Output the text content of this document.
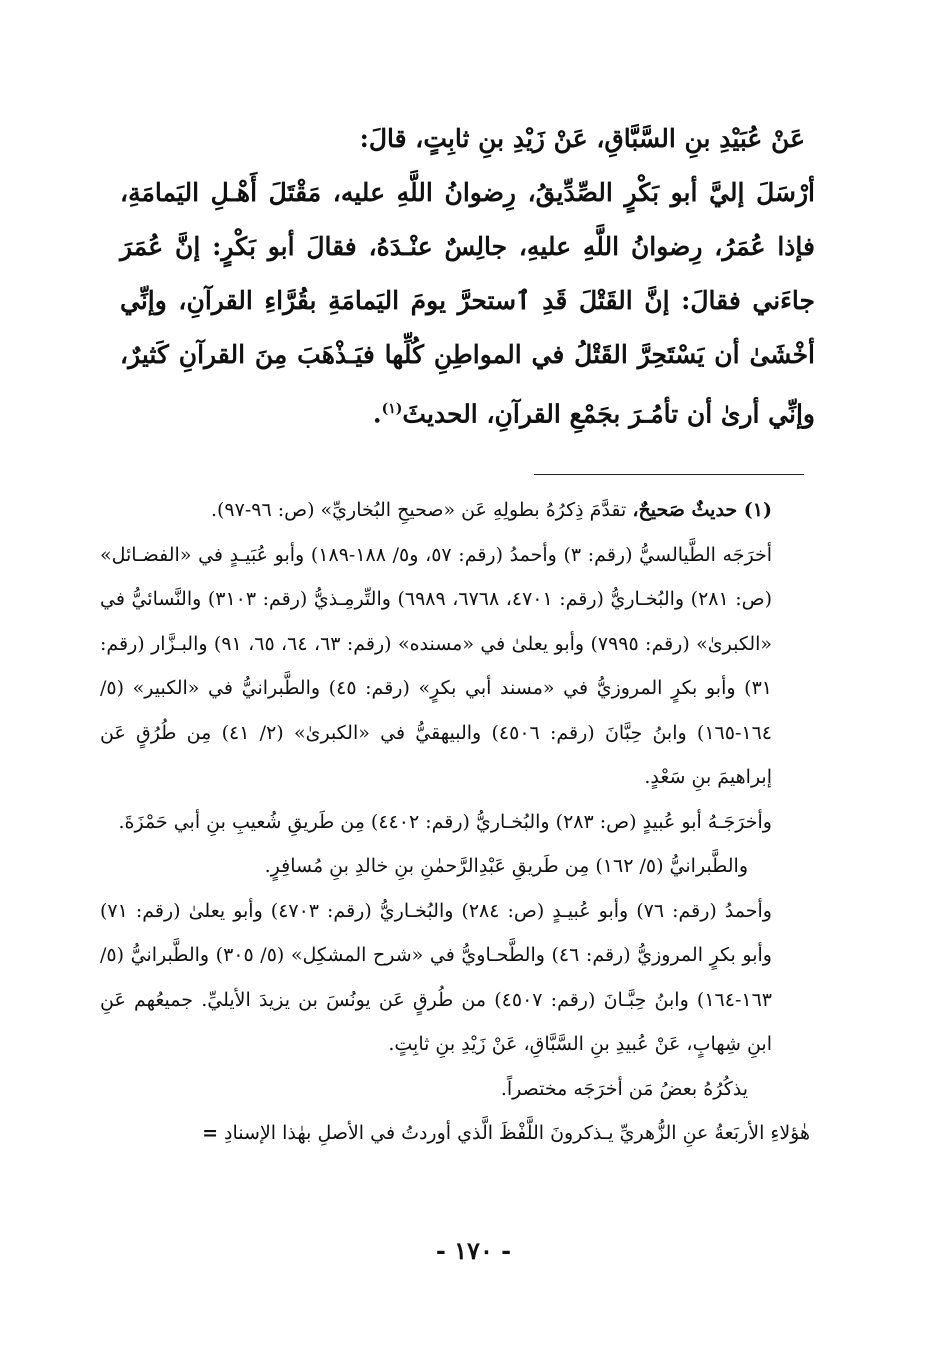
عَنْ عُبَيْدِ بنِ السَّبَّاقِ، عَنْ زَيْدِ بنِ ثابِتٍ، قالَ:

أرْسَلَ إليَّ أبو بَكْرٍ الصِّدِّيقُ، رِضوانُ اللَّهِ عليه، مَقْتَلَ أَهْـلِ اليَمامَةِ، فإذا عُمَرُ، رِضوانُ اللَّهِ عليهِ، جالِسٌ عنْـدَهُ، فقالَ أبو بَكْرٍ: إنَّ عُمَرَ جاءَني فقالَ: إنَّ القَتْلَ قَدِ ٱستحرَّ يومَ اليَمامَةِ بقُرَّاءِ القرآنِ، وإنِّي أخْشَىٰ أن يَسْتَحِرَّ القَتْلُ في المواطِنِ كُلِّها فيَـذْهَبَ مِنَ القرآنِ كَثيرٌ، وإنِّي أرىٰ أن تأمُـرَ بجَمْعِ القرآنِ، الحديثَ$^{(١)}$.

(١) حديثٌ صَحيحٌ، تقدَّمَ ذِكرُهُ بطولِهِ عَن «صحيحِ البُخاريِّ» (ص: ٩٦-٩٧).

أخرَجَه الطَّيالسيُّ (رقم: ٣) وأحمدُ (رقم: ٥٧، و٥/ ١٨٨-١٨٩) وأبو عُبَيـدٍ في «الفضـائل» (ص: ٢٨١) والبُخـاريُّ (رقم: ٤٧٠١، ٦٧٦٨، ٦٩٨٩) والتِّرمِـذيُّ (رقم: ٣١٠٣) والنَّسائيُّ في «الكبرىٰ» (رقم: ٧٩٩٥) وأبو يعلىٰ في «مسنده» (رقم: ٦٣، ٦٤، ٦٥، ٩١) والبـزَّار (رقم: ٣١) وأبو بكرٍ المروزيُّ في «مسند أبي بكرٍ» (رقم: ٤٥) والطَّبرانيُّ في «الكبير» (٥/ ١٦٤-١٦٥) وابنُ حِبَّانَ (رقم: ٤٥٠٦) والبيهقيُّ في «الكبرىٰ» (٢/ ٤١) مِن طُرُقٍ عَن إبراهيمَ بنِ سَعْدٍ.

وأخرَجَـهُ أبو عُبيدٍ (ص: ٢٨٣) والبُخـاريُّ (رقم: ٤٤٠٢) مِن طَريقِ شُعيبِ بنِ أبي حَمْزَةَ.

والطَّبرانيُّ (٥/ ١٦٢) مِن طَريقِ عَبْدِالرَّحمٰنِ بنِ خالدِ بنِ مُسافِرٍ.

وأحمدُ (رقم: ٧٦) وأبو عُبيـدٍ (ص: ٢٨٤) والبُخـاريُّ (رقم: ٤٧٠٣) وأبو يعلىٰ (رقم: ٧١) وأبو بكرٍ المروزيُّ (رقم: ٤٦) والطَّحـاويُّ في «شرح المشكِل» (٥/ ٣٠٥) والطَّبرانيُّ (٥/ ١٦٣-١٦٤) وابنُ حِبَّـانَ (رقم: ٤٥٠٧) من طُرقٍ عَن يونُسَ بن يزيدَ الأيليِّ. جميعُهم عَنِ ابنِ شِهابٍ، عَنْ عُبيدِ بنِ السَّبَّاقِ، عَنْ زَيْدِ بنِ ثابِتٍ.

يذكُرُهُ بعضُ مَن أخرَجَه مختصراً.

هٰؤلاءِ الأربَعةُ عنِ الزُّهريِّ يـذكرونَ اللَّفْظَ الَّذي أوردتُ في الأصلِ بهٰذا الإسنادِ =

- ١٧٠ -
